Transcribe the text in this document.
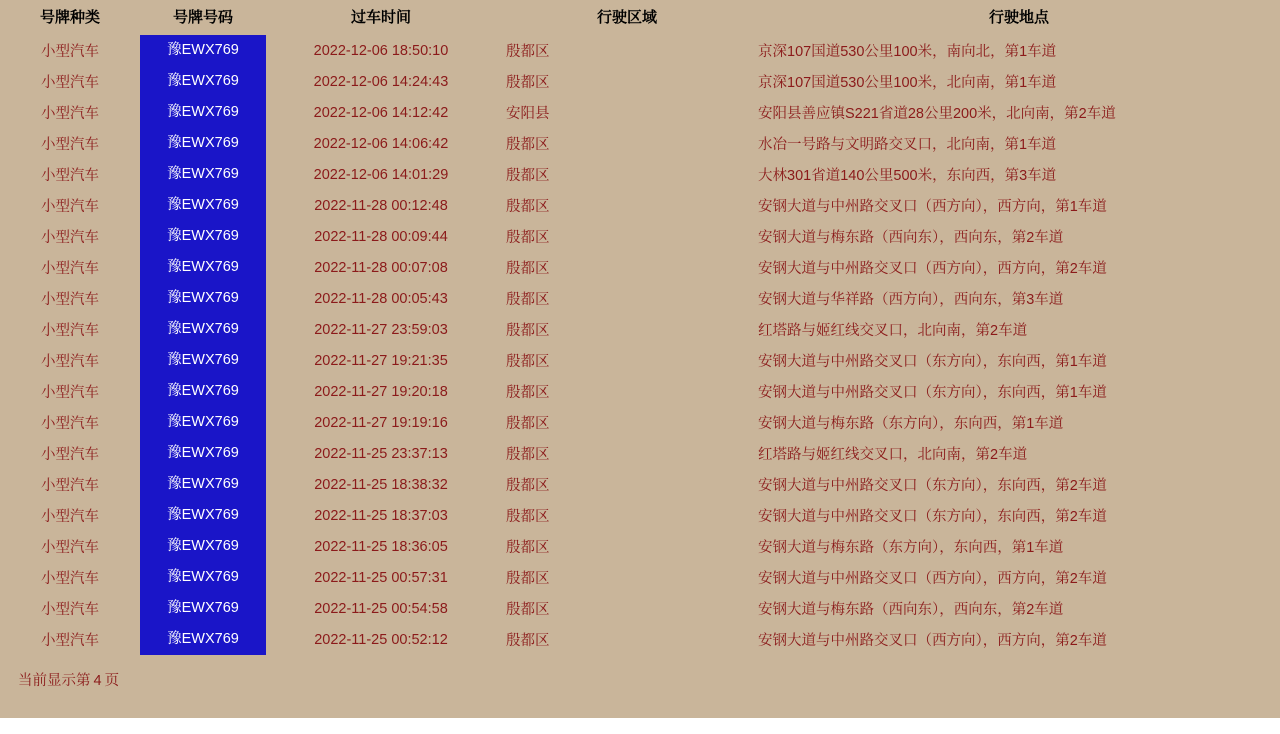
号牌种类	号牌号码	过车时间	行驶区域	行驶地点
小型汽车	豫EWX769	2022-12-06 18:50:10	殷都区	京深107国道530公里100米，南向北，第1车道
小型汽车	豫EWX769	2022-12-06 14:24:43	殷都区	京深107国道530公里100米，北向南，第1车道
小型汽车	豫EWX769	2022-12-06 14:12:42	安阳县	安阳县善应镇S221省道28公里200米，北向南，第2车道
小型汽车	豫EWX769	2022-12-06 14:06:42	殷都区	水冶一号路与文明路交叉口，北向南，第1车道
小型汽车	豫EWX769	2022-12-06 14:01:29	殷都区	大林301省道140公里500米，东向西，第3车道
小型汽车	豫EWX769	2022-11-28 00:12:48	殷都区	安钢大道与中州路交叉口（西方向），西方向，第1车道
小型汽车	豫EWX769	2022-11-28 00:09:44	殷都区	安钢大道与梅东路（西向东），西向东，第2车道
小型汽车	豫EWX769	2022-11-28 00:07:08	殷都区	安钢大道与中州路交叉口（西方向），西方向，第2车道
小型汽车	豫EWX769	2022-11-28 00:05:43	殷都区	安钢大道与华祥路（西方向），西向东，第3车道
小型汽车	豫EWX769	2022-11-27 23:59:03	殷都区	红塔路与姬红线交叉口，北向南，第2车道
小型汽车	豫EWX769	2022-11-27 19:21:35	殷都区	安钢大道与中州路交叉口（东方向），东向西，第1车道
小型汽车	豫EWX769	2022-11-27 19:20:18	殷都区	安钢大道与中州路交叉口（东方向），东向西，第1车道
小型汽车	豫EWX769	2022-11-27 19:19:16	殷都区	安钢大道与梅东路（东方向），东向西，第1车道
小型汽车	豫EWX769	2022-11-25 23:37:13	殷都区	红塔路与姬红线交叉口，北向南，第2车道
小型汽车	豫EWX769	2022-11-25 18:38:32	殷都区	安钢大道与中州路交叉口（东方向），东向西，第2车道
小型汽车	豫EWX769	2022-11-25 18:37:03	殷都区	安钢大道与中州路交叉口（东方向），东向西，第2车道
小型汽车	豫EWX769	2022-11-25 18:36:05	殷都区	安钢大道与梅东路（东方向），东向西，第1车道
小型汽车	豫EWX769	2022-11-25 00:57:31	殷都区	安钢大道与中州路交叉口（西方向），西方向，第2车道
小型汽车	豫EWX769	2022-11-25 00:54:58	殷都区	安钢大道与梅东路（西向东），西向东，第2车道
小型汽车	豫EWX769	2022-11-25 00:52:12	殷都区	安钢大道与中州路交叉口（西方向），西方向，第2车道
当前显示第 4 页
